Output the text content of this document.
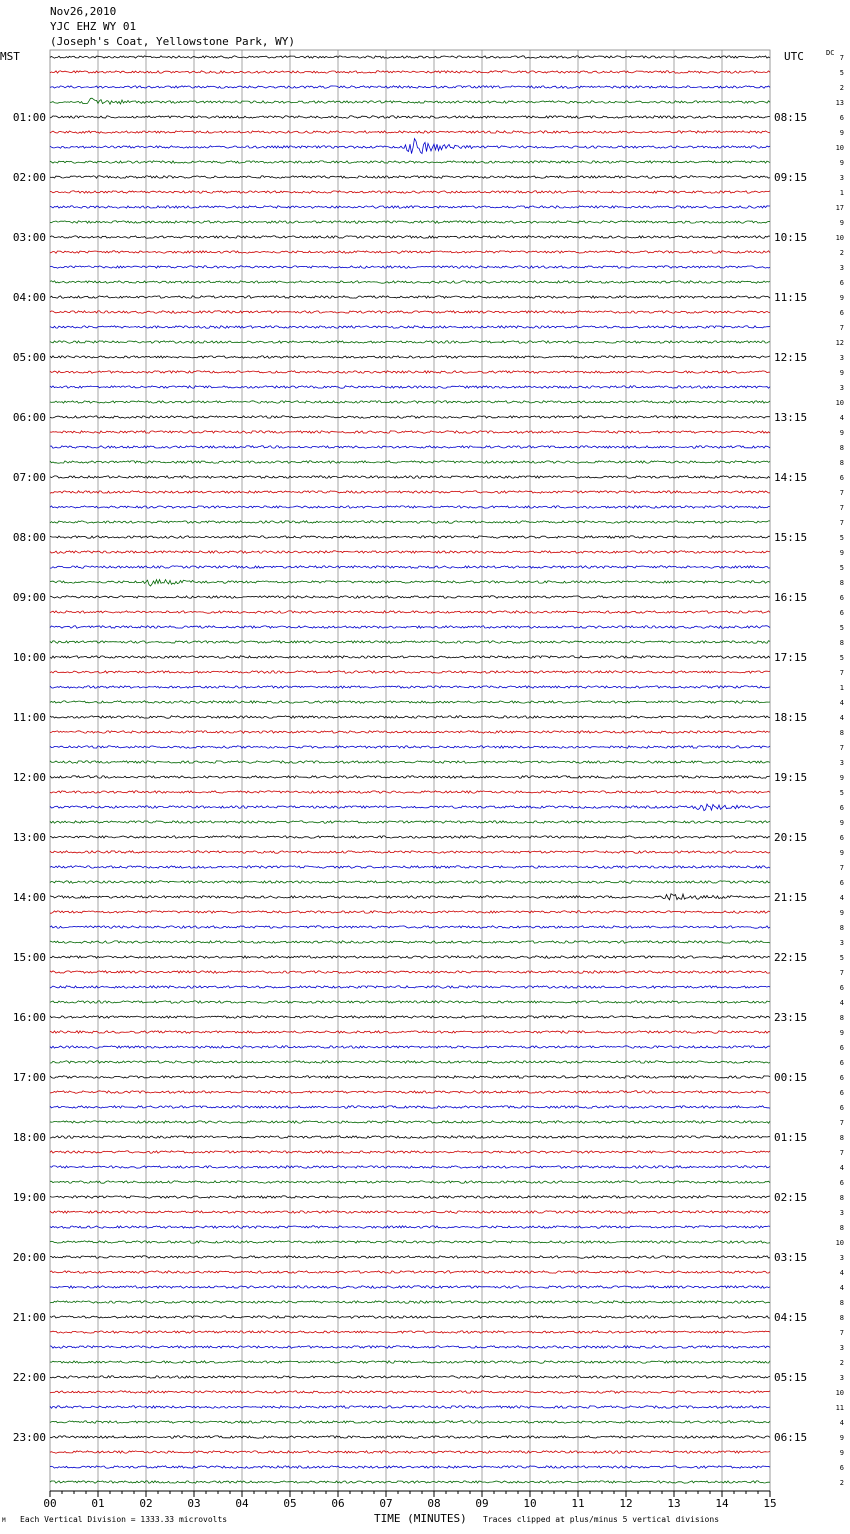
Nov26,2010
YJC EHZ WY 01
(Joseph's Coat, Yellowstone Park, WY)
MST	UTC	DC
01:00
02:00
03:00
04:00
05:00
06:00
07:00
08:00
09:00
10:00
11:00
12:00
13:00
14:00
15:00
16:00
17:00
18:00
19:00
20:00
21:00
22:00
23:00
08:15
09:15
10:15
11:15
12:15
13:15
14:15
15:15
16:15
17:15
18:15
19:15
20:15
21:15
22:15
23:15
00:15
01:15
02:15
03:15
04:15
05:15
06:15
7
5
2
13
6
9
10
9
3
1
17
9
10
2
3
6
9
6
7
12
3
9
3
10
4
9
8
8
6
7
7
7
5
9
5
8
6
6
5
8
5
7
1
4
4
8
7
3
9
5
6
9
6
9
7
6
4
9
8
3
5
7
6
4
8
9
6
6
6
6
6
7
8
7
4
6
8
3
8
10
3
4
4
8
8
7
3
2
3
10
11
4
9
9
6
2
00	01	02	03	04	05	06	07	08	09	10	11	12	13	14	15
TIME (MINUTES)
Each Vertical Division = 1333.33 microvolts	Traces clipped at plus/minus 5 vertical divisions
M
